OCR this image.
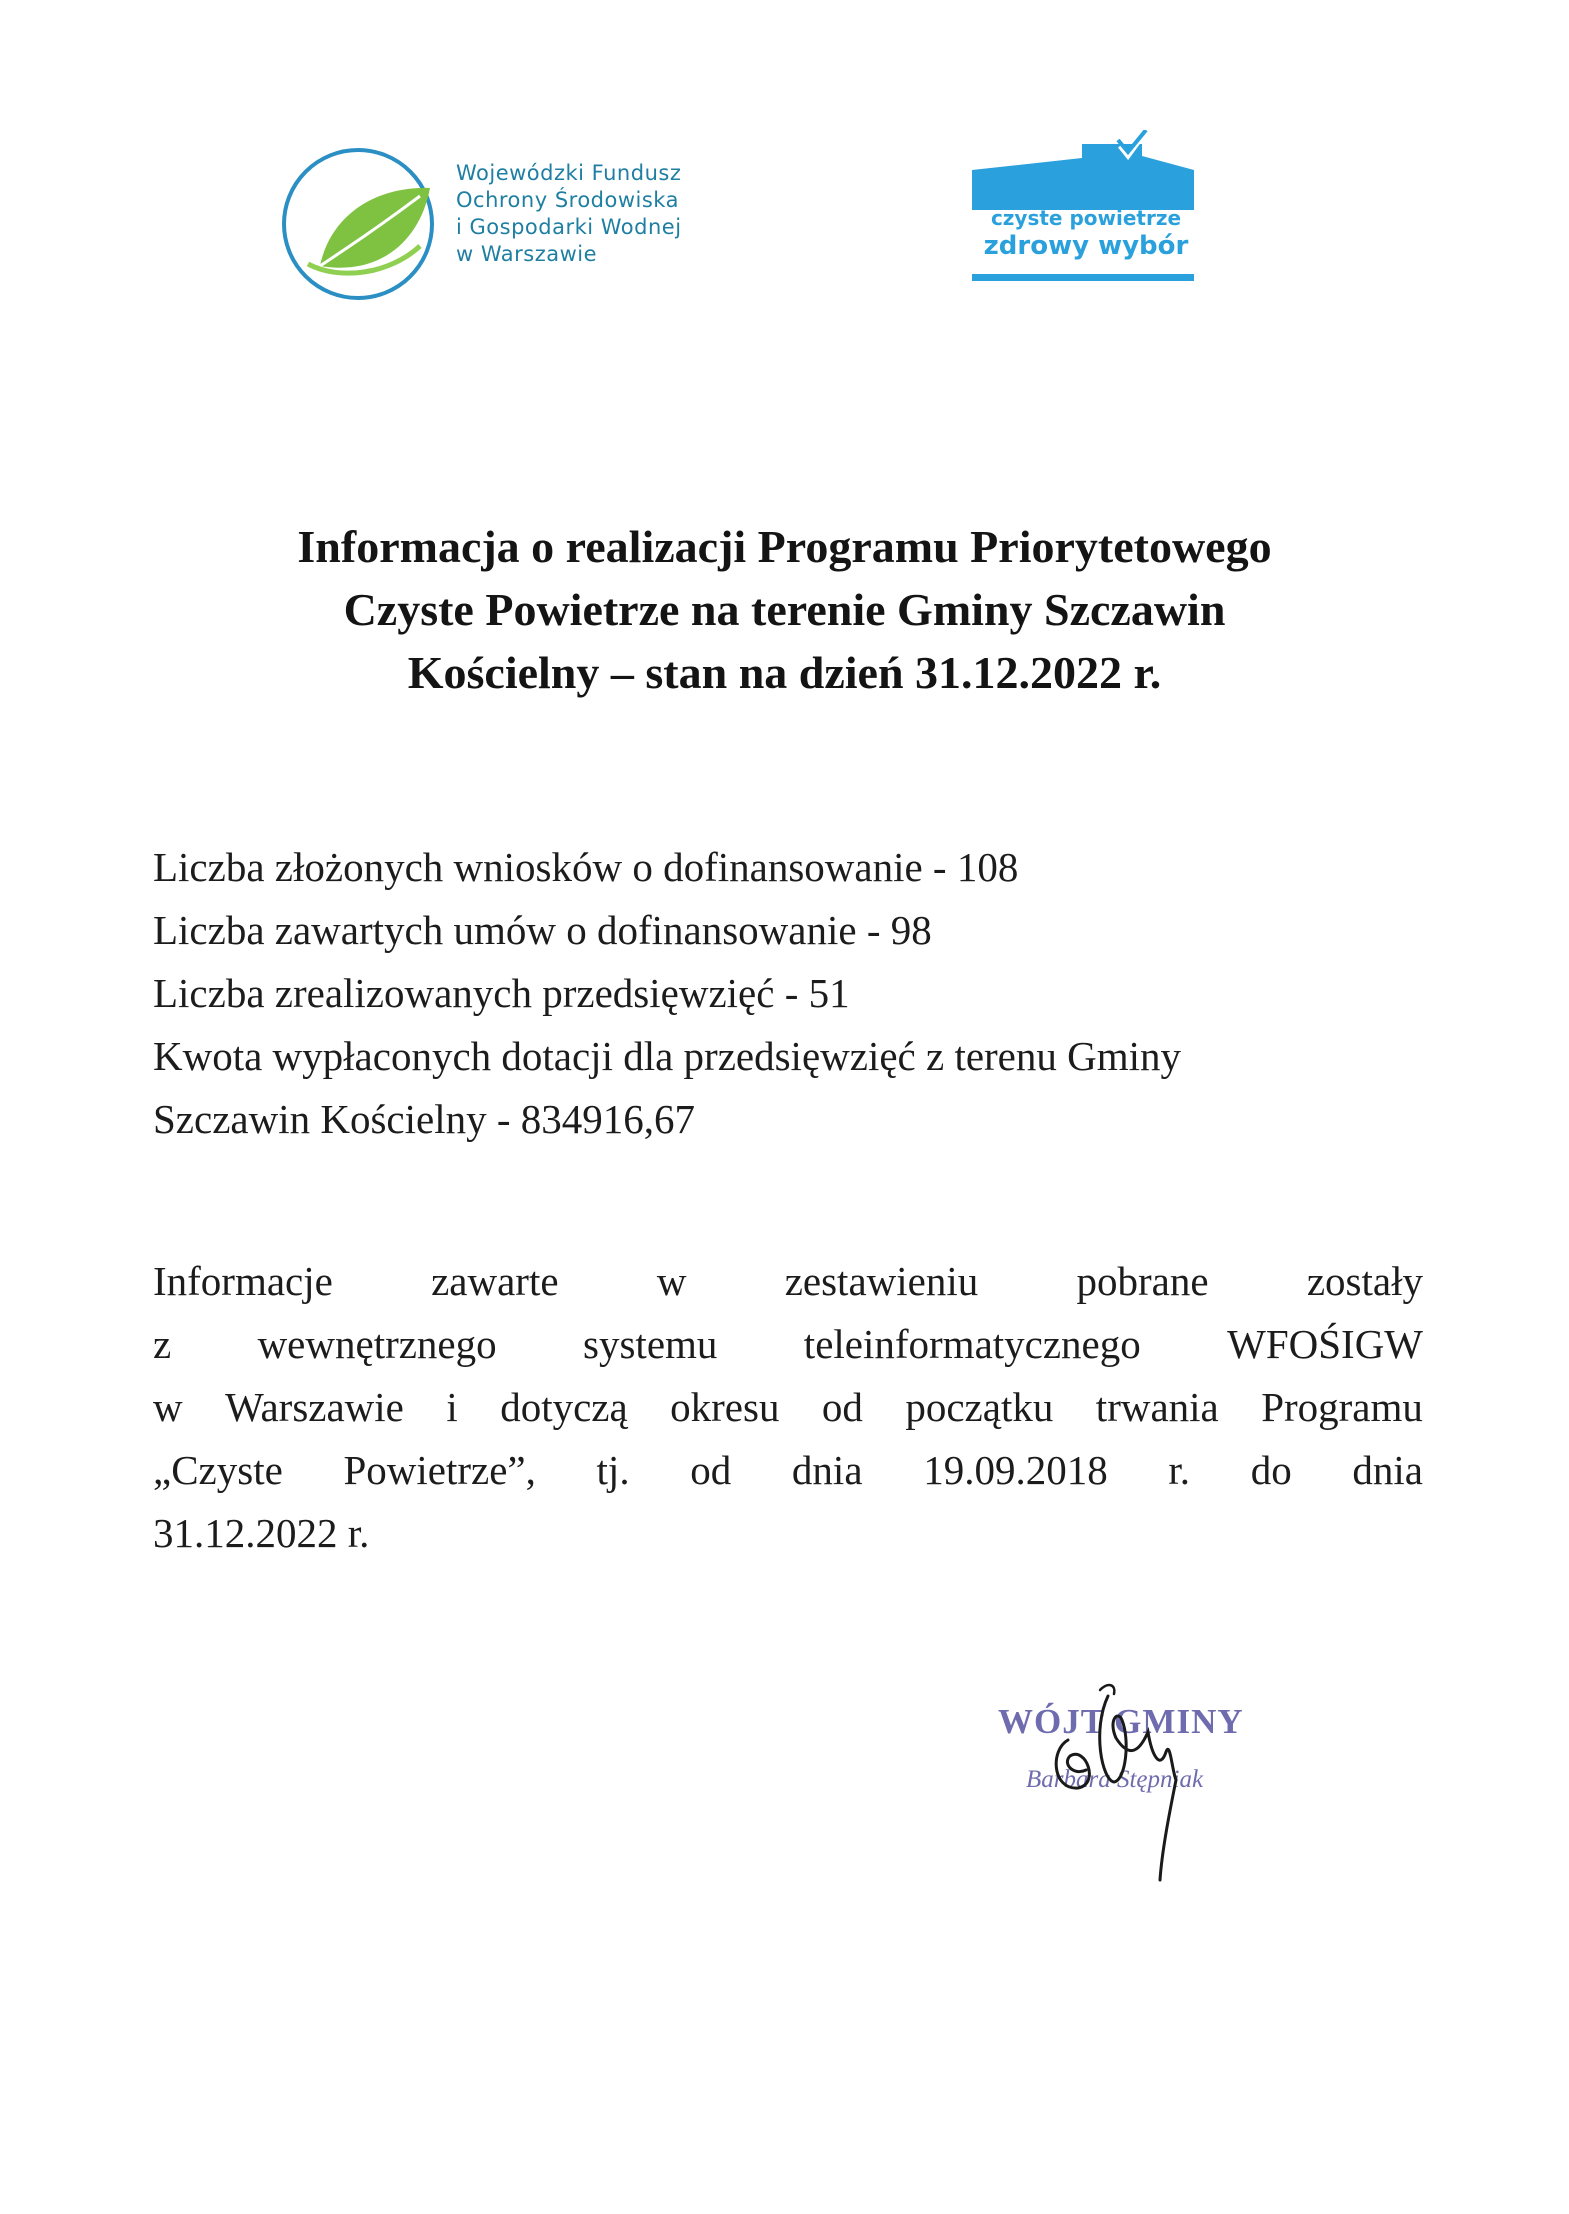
Wojewódzki Fundusz
Ochrony Środowiska
i Gospodarki Wodnej
w Warszawie
czyste powietrze
zdrowy wybór
Informacja o realizacji Programu Priorytetowego
Czyste Powietrze na terenie Gminy Szczawin
Kościelny – stan na dzień 31.12.2022 r.
Liczba złożonych wniosków o dofinansowanie - 108
Liczba zawartych umów o dofinansowanie - 98
Liczba zrealizowanych przedsięwzięć - 51
Kwota wypłaconych dotacji dla przedsięwzięć z terenu Gminy
Szczawin Kościelny - 834916,67
Informacje zawarte w zestawieniu pobrane zostały
z wewnętrznego systemu teleinformatycznego WFOŚIGW
w Warszawie i dotyczą okresu od początku trwania Programu
„Czyste Powietrze”, tj. od dnia 19.09.2018 r. do dnia
31.12.2022 r.
WÓJT GMINY
Barbara Stępniak
